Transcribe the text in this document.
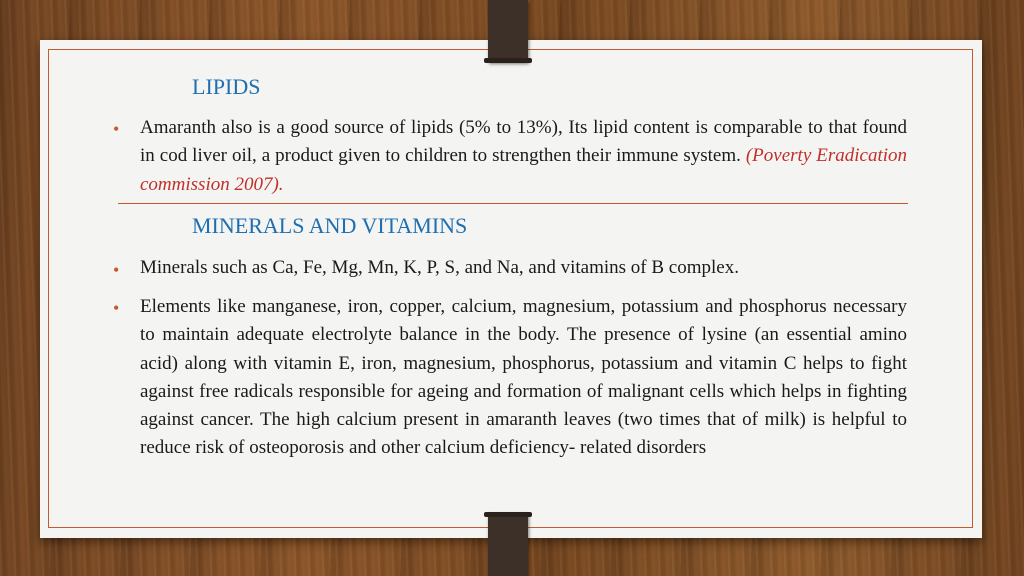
LIPIDS
• Amaranth also is a good source of lipids (5% to 13%), Its lipid content is comparable to that found in cod liver oil, a product given to children to strengthen their immune system. (Poverty Eradication commission 2007).

MINERALS AND VITAMINS
• Minerals such as Ca, Fe, Mg, Mn, K, P, S, and Na, and vitamins of B complex.

• Elements like manganese, iron, copper, calcium, magnesium, potassium and phosphorus necessary to maintain adequate electrolyte balance in the body. The presence of lysine (an essential amino acid) along with vitamin E, iron, magnesium, phosphorus, potassium and vitamin C helps to fight against free radicals responsible for ageing and formation of malignant cells which helps in fighting against cancer. The high calcium present in amaranth leaves (two times that of milk) is helpful to reduce risk of osteoporosis and other calcium deficiency- related disorders
